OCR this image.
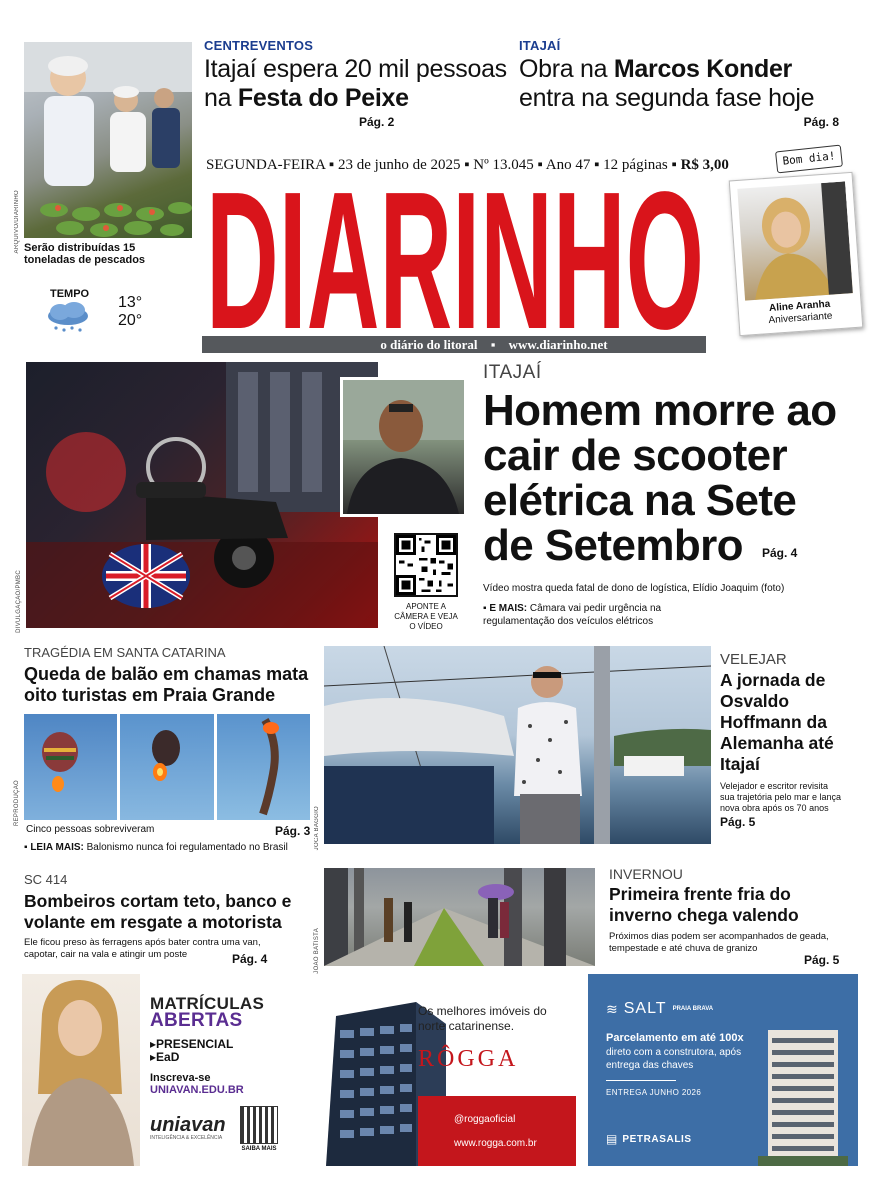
ARQUIVO/DIARINHO Serão distribuídas 15 toneladas de pescados
TEMPO 13°
20°
CENTREVENTOS
Itajaí espera 20 mil pessoas na Festa do Peixe
Pág. 2
ITAJAÍ
Obra na Marcos Konder entra na segunda fase hoje
Pág. 8
SEGUNDA-FEIRA ▪ 23 de junho de 2025 ▪ Nº 13.045 ▪ Ano 47 ▪ 12 páginas ▪ R$ 3,00
DIARINHO
o diário do litoral ▪ www.diarinho.net
Aline Aranha
Aniversariante
Bom dia!
DIVULGAÇÃO/PMBC
ITAJAÍ
Homem morre ao cair de scooter elétrica na Sete de Setembro	Pág. 4
APONTE A CÂMERA E VEJA O VÍDEO
Vídeo mostra queda fatal de dono de logística, Elídio Joaquim (foto)
▪ E MAIS: Câmara vai pedir urgência na regulamentação dos veículos elétricos
TRAGÉDIA EM SANTA CATARINA
Queda de balão em chamas mata oito turistas em Praia Grande
REPRODUÇÃO
Cinco pessoas sobreviveram	Pág. 3
▪ LEIA MAIS: Balonismo nunca foi regulamentado no Brasil	JOCA BAGGIO
VELEJAR
A jornada de Osvaldo Hoffmann da Alemanha até Itajaí
Velejador e escritor revisita sua trajetória pelo mar e lança nova obra após os 70 anos
Pág. 5
SC 414
Bombeiros cortam teto, banco e volante em resgate a motorista
Ele ficou preso às ferragens após bater contra uma van, capotar, cair na vala e atingir um poste	Pág. 4	JOÃO BATISTA
INVERNOU
Primeira frente fria do inverno chega valendo
Próximos dias podem ser acompanhados de geada, tempestade e até chuva de granizo
Pág. 5
MATRÍCULAS
ABERTAS
▸PRESENCIAL
▸EaD
Inscreva-se
UNIAVAN.EDU.BR
uniavan
INTELIGÊNCIA & EXCELÊNCIA
SAIBA MAIS
Os melhores imóveis do norte catarinense.
RÔGGA
@roggaoficial
www.rogga.com.br
≋ SALT PRAIA BRAVA
Parcelamento em até 100x
direto com a construtora, após entrega das chaves
ENTREGA JUNHO 2026
▤ PETRASALIS
